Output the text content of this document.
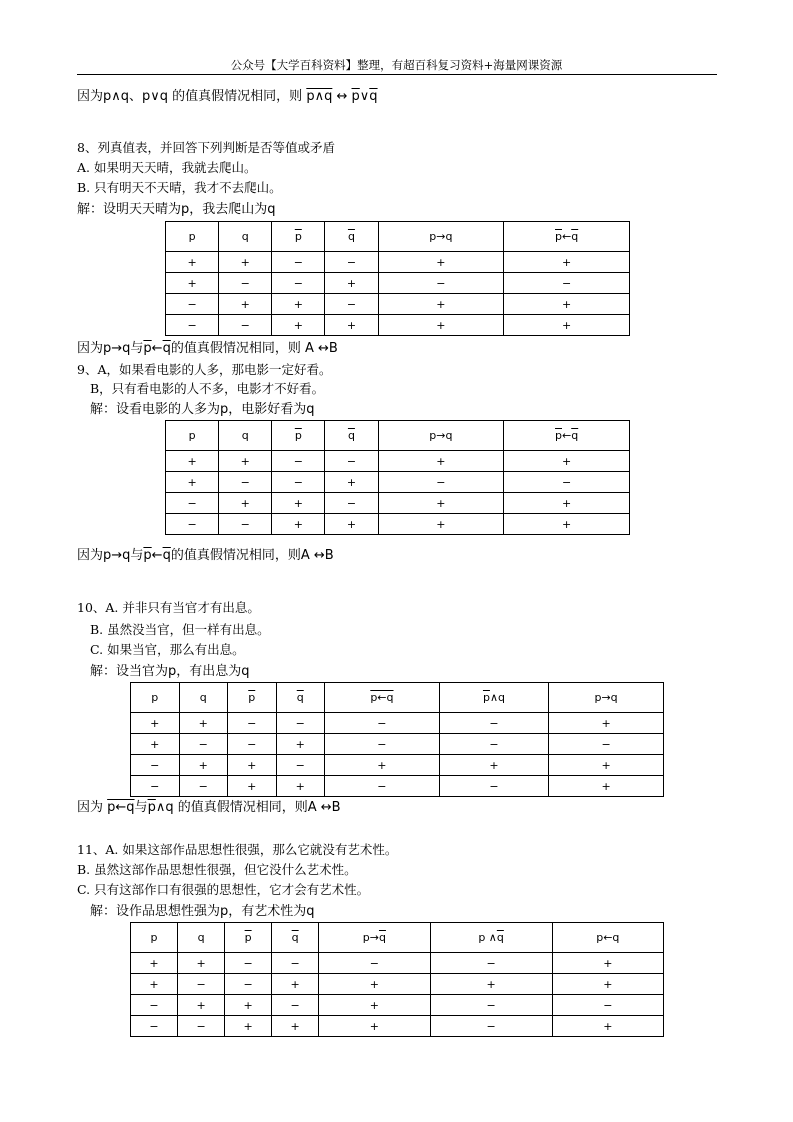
公众号【大学百科资料】整理，有超百科复习资料+海量网课资源
因为p∧q、p∨q 的值真假情况相同，则 p∧q ↔ $\overline{p}\vee\overline{q}$
8、列真值表，并回答下列判断是否等值或矛盾
A. 如果明天天晴，我就去爬山。
B. 只有明天不天晴，我才不去爬山。
解：设明天天晴为p，我去爬山为q
p	q	$\overline{p}$	$\overline{q}$	p→q	$\overline{p}\leftarrow\overline{q}$
+	+	−	−	+	+
+	−	−	+	−	−
−	+	+	−	+	+
−	−	+	+	+	+
因为p→q与$\overline{p}\leftarrow\overline{q}$的值真假情况相同，则 A ↔B
9、A，如果看电影的人多，那电影一定好看。
B，只有看电影的人不多，电影才不好看。
解：设看电影的人多为p，电影好看为q
p	q	$\overline{p}$	$\overline{q}$	p→q	$\overline{p}\leftarrow\overline{q}$
+	+	−	−	+	+
+	−	−	+	−	−
−	+	+	−	+	+
−	−	+	+	+	+
因为p→q与$\overline{p}\leftarrow\overline{q}$的值真假情况相同，则A ↔B
10、A. 并非只有当官才有出息。
B. 虽然没当官，但一样有出息。
C. 如果当官，那么有出息。
解：设当官为p，有出息为q
p	q	$\overline{p}$	$\overline{q}$	p←q	$\overline{p}\wedge q$	p→q
+	+	−	−	−	−	+
+	−	−	+	−	−	−
−	+	+	−	+	+	+
−	−	+	+	−	−	+
因为 p←q与$\overline{p}\wedge q$ 的值真假情况相同，则A ↔B
11、A. 如果这部作品思想性很强，那么它就没有艺术性。
B. 虽然这部作品思想性很强，但它没什么艺术性。
C. 只有这部作口有很强的思想性，它才会有艺术性。
解：设作品思想性强为p，有艺术性为q
p	q	$\overline{p}$	$\overline{q}$	$p\to\overline{q}$	p $\wedge\overline{q}$	p←q
+	+	−	−	−	−	+
+	−	−	+	+	+	+
−	+	+	−	+	−	−
−	−	+	+	+	−	+
